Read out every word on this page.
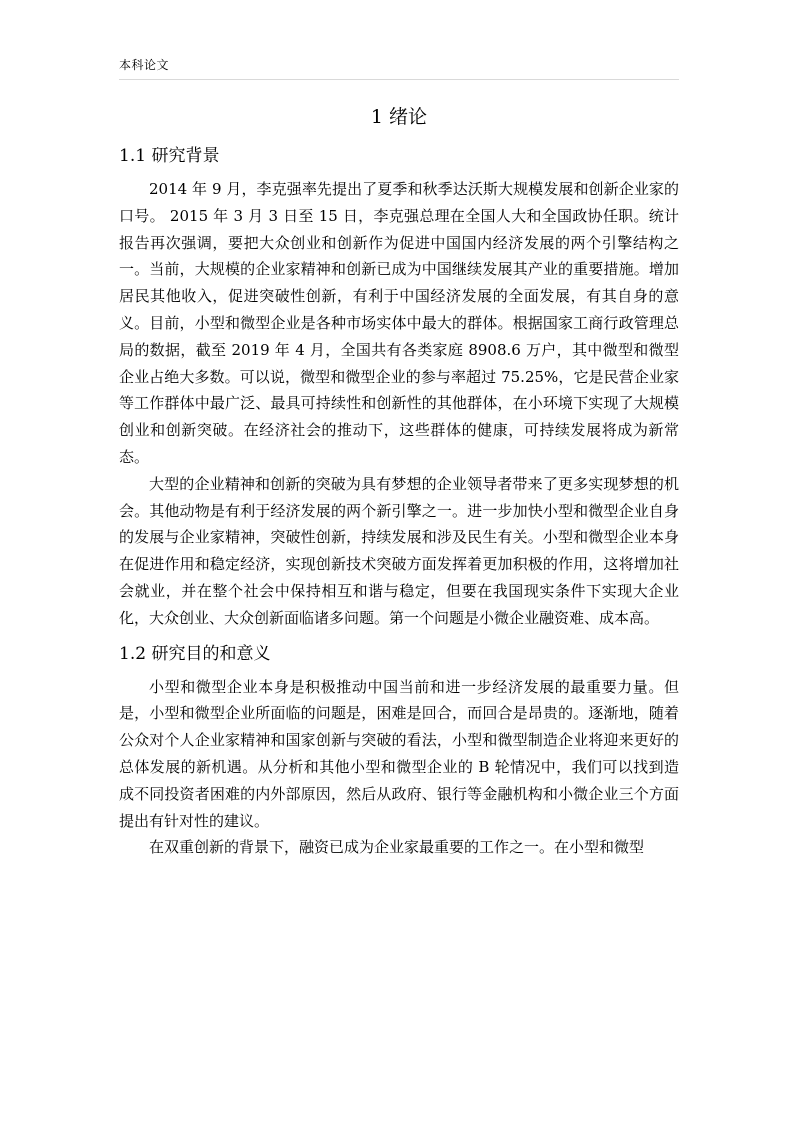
本科论文
1 绪论
1.1 研究背景

2014 年 9 月，李克强率先提出了夏季和秋季达沃斯大规模发展和创新企业家的口号。 2015 年 3 月 3 日至 15 日，李克强总理在全国人大和全国政协任职。统计报告再次强调，要把大众创业和创新作为促进中国国内经济发展的两个引擎结构之一。当前，大规模的企业家精神和创新已成为中国继续发展其产业的重要措施。增加居民其他收入，促进突破性创新，有利于中国经济发展的全面发展，有其自身的意义。目前，小型和微型企业是各种市场实体中最大的群体。根据国家工商行政管理总局的数据，截至 2019 年 4 月，全国共有各类家庭 8908.6 万户，其中微型和微型企业占绝大多数。可以说，微型和微型企业的参与率超过 75.25%，它是民营企业家等工作群体中最广泛、最具可持续性和创新性的其他群体，在小环境下实现了大规模创业和创新突破。在经济社会的推动下，这些群体的健康，可持续发展将成为新常态。

大型的企业精神和创新的突破为具有梦想的企业领导者带来了更多实现梦想的机会。其他动物是有利于经济发展的两个新引擎之一。进一步加快小型和微型企业自身的发展与企业家精神，突破性创新，持续发展和涉及民生有关。小型和微型企业本身在促进作用和稳定经济，实现创新技术突破方面发挥着更加积极的作用，这将增加社会就业，并在整个社会中保持相互和谐与稳定，但要在我国现实条件下实现大企业化，大众创业、大众创新面临诸多问题。第一个问题是小微企业融资难、成本高。

1.2 研究目的和意义

小型和微型企业本身是积极推动中国当前和进一步经济发展的最重要力量。但是，小型和微型企业所面临的问题是，困难是回合，而回合是昂贵的。逐渐地，随着公众对个人企业家精神和国家创新与突破的看法，小型和微型制造企业将迎来更好的总体发展的新机遇。从分析和其他小型和微型企业的 B 轮情况中，我们可以找到造成不同投资者困难的内外部原因，然后从政府、银行等金融机构和小微企业三个方面提出有针对性的建议。

在双重创新的背景下，融资已成为企业家最重要的工作之一。在小型和微型
